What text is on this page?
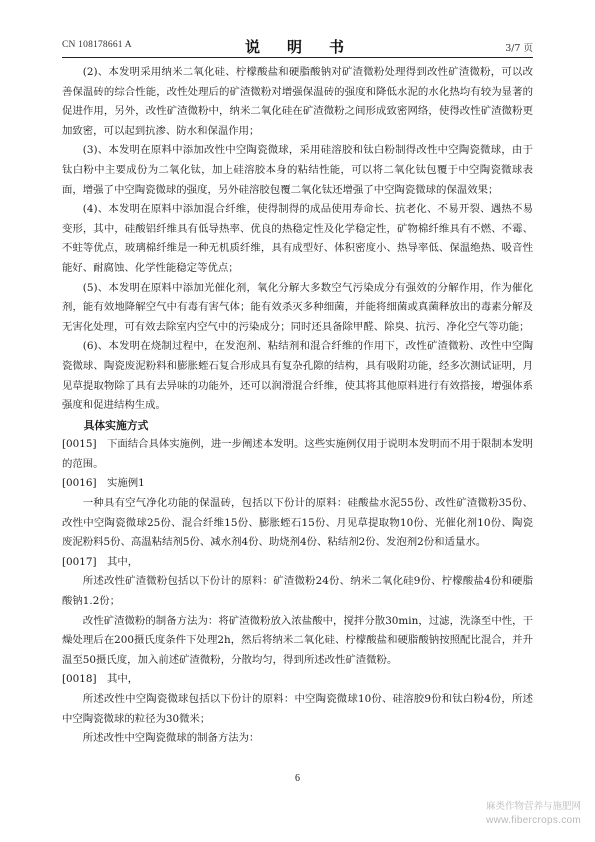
CN 108178661 A	说　明　书	3/7 页

(2)、本发明采用纳米二氧化硅、柠檬酸盐和硬脂酸钠对矿渣微粉处理得到改性矿渣微粉，可以改善保温砖的综合性能，改性处理后的矿渣微粉对增强保温砖的强度和降低水泥的水化热均有较为显著的促进作用，另外，改性矿渣微粉中，纳米二氧化硅在矿渣微粉之间形成致密网络，使得改性矿渣微粉更加致密，可以起到抗渗、防水和保温作用；

(3)、本发明在原料中添加改性中空陶瓷微球，采用硅溶胶和钛白粉制得改性中空陶瓷微球，由于钛白粉中主要成份为二氧化钛，加上硅溶胶本身的粘结性能，可以将二氧化钛包覆于中空陶瓷微球表面，增强了中空陶瓷微球的强度，另外硅溶胶包覆二氧化钛还增强了中空陶瓷微球的保温效果；

(4)、本发明在原料中添加混合纤维，使得制得的成品使用寿命长、抗老化、不易开裂、遇热不易变形，其中，硅酸铝纤维具有低导热率、优良的热稳定性及化学稳定性，矿物棉纤维具有不燃、不霉、不蛀等优点，玻璃棉纤维是一种无机质纤维，具有成型好、体积密度小、热导率低、保温绝热、吸音性能好、耐腐蚀、化学性能稳定等优点；

(5)、本发明在原料中添加光催化剂，氧化分解大多数空气污染成分有强效的分解作用，作为催化剂，能有效地降解空气中有毒有害气体；能有效杀灭多种细菌，并能将细菌或真菌释放出的毒素分解及无害化处理，可有效去除室内空气中的污染成分；同时还具备除甲醛、除臭、抗污、净化空气等功能；

(6)、本发明在烧制过程中，在发泡剂、粘结剂和混合纤维的作用下，改性矿渣微粉、改性中空陶瓷微球、陶瓷废泥粉料和膨胀蛭石复合形成具有复杂孔隙的结构，具有吸附功能，经多次测试证明，月见草提取物除了具有去异味的功能外，还可以润滑混合纤维，使其将其他原料进行有效搭接，增强体系强度和促进结构生成。

具体实施方式

[0015]　下面结合具体实施例，进一步阐述本发明。这些实施例仅用于说明本发明而不用于限制本发明的范围。

[0016]　实施例1

一种具有空气净化功能的保温砖，包括以下份计的原料：硅酸盐水泥55份、改性矿渣微粉35份、改性中空陶瓷微球25份、混合纤维15份、膨胀蛭石15份、月见草提取物10份、光催化剂10份、陶瓷废泥粉料5份、高温粘结剂5份、减水剂4份、助烧剂4份、粘结剂2份、发泡剂2份和适量水。

[0017]　其中，

所述改性矿渣微粉包括以下份计的原料：矿渣微粉24份、纳米二氧化硅9份、柠檬酸盐4份和硬脂酸钠1.2份；

改性矿渣微粉的制备方法为：将矿渣微粉放入浓盐酸中，搅拌分散30min，过滤，洗涤至中性，干燥处理后在200摄氏度条件下处理2h，然后将纳米二氧化硅、柠檬酸盐和硬脂酸钠按照配比混合，并升温至50摄氏度，加入前述矿渣微粉，分散均匀，得到所述改性矿渣微粉。

[0018]　其中，

所述改性中空陶瓷微球包括以下份计的原料：中空陶瓷微球10份、硅溶胶9份和钛白粉4份，所述中空陶瓷微球的粒径为30微米；

所述改性中空陶瓷微球的制备方法为：

6
麻类作物营养与施肥网
www.fibercrops.com
